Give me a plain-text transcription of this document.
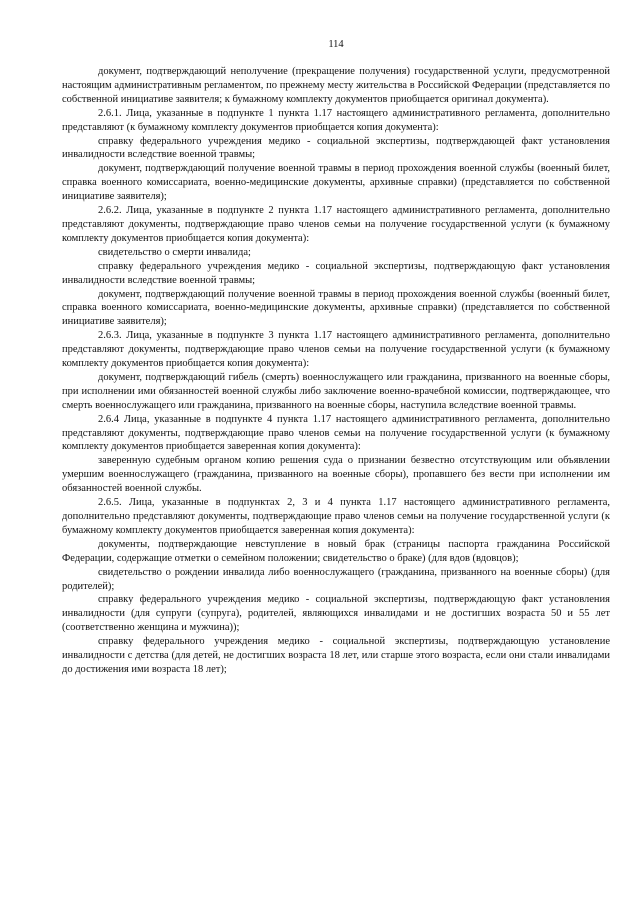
114

документ, подтверждающий неполучение (прекращение получения) государственной услуги, предусмотренной настоящим административным регламентом, по прежнему месту жительства в Российской Федерации (представляется по собственной инициативе заявителя; к бумажному комплекту документов приобщается оригинал документа).

2.6.1. Лица, указанные в подпункте 1 пункта 1.17 настоящего административного регламента, дополнительно представляют (к бумажному комплекту документов приобщается копия документа):

справку федерального учреждения медико - социальной экспертизы, подтверждающей факт установления инвалидности вследствие военной травмы;

документ, подтверждающий получение военной травмы в период прохождения военной службы (военный билет, справка военного комиссариата, военно-медицинские документы, архивные справки) (представляется по собственной инициативе заявителя);

2.6.2. Лица, указанные в подпункте 2 пункта 1.17 настоящего административного регламента, дополнительно представляют документы, подтверждающие право членов семьи на получение государственной услуги (к бумажному комплекту документов приобщается копия документа):

свидетельство о смерти инвалида;

справку федерального учреждения медико - социальной экспертизы, подтверждающую факт установления инвалидности вследствие военной травмы;

документ, подтверждающий получение военной травмы в период прохождения военной службы (военный билет, справка военного комиссариата, военно-медицинские документы, архивные справки) (представляется по собственной инициативе заявителя);

2.6.3. Лица, указанные в подпункте 3 пункта 1.17 настоящего административного регламента, дополнительно представляют документы, подтверждающие право членов семьи на получение государственной услуги (к бумажному комплекту документов приобщается копия документа):

документ, подтверждающий гибель (смерть) военнослужащего или гражданина, призванного на военные сборы, при исполнении ими обязанностей военной службы либо заключение военно-врачебной комиссии, подтверждающее, что смерть военнослужащего или гражданина, призванного на военные сборы, наступила вследствие военной травмы.

2.6.4 Лица, указанные в подпункте 4 пункта 1.17 настоящего административного регламента, дополнительно представляют документы, подтверждающие право членов семьи на получение государственной услуги (к бумажному комплекту документов приобщается заверенная копия документа):

заверенную судебным органом копию решения суда о признании безвестно отсутствующим или объявлении умершим военнослужащего (гражданина, призванного на военные сборы), пропавшего без вести при исполнении им обязанностей военной службы.

2.6.5. Лица, указанные в подпунктах 2, 3 и 4 пункта 1.17 настоящего административного регламента, дополнительно представляют документы, подтверждающие право членов семьи на получение государственной услуги (к бумажному комплекту документов приобщается заверенная копия документа):

документы, подтверждающие невступление в новый брак (страницы паспорта гражданина Российской Федерации, содержащие отметки о семейном положении; свидетельство о браке) (для вдов (вдовцов);

свидетельство о рождении инвалида либо военнослужащего (гражданина, призванного на военные сборы) (для родителей);

справку федерального учреждения медико - социальной экспертизы, подтверждающую факт установления инвалидности (для супруги (супруга), родителей, являющихся инвалидами и не достигших возраста 50 и 55 лет (соответственно женщина и мужчина));

справку федерального учреждения медико - социальной экспертизы, подтверждающую установление инвалидности с детства (для детей, не достигших возраста 18 лет, или старше этого возраста, если они стали инвалидами до достижения ими возраста 18 лет);
